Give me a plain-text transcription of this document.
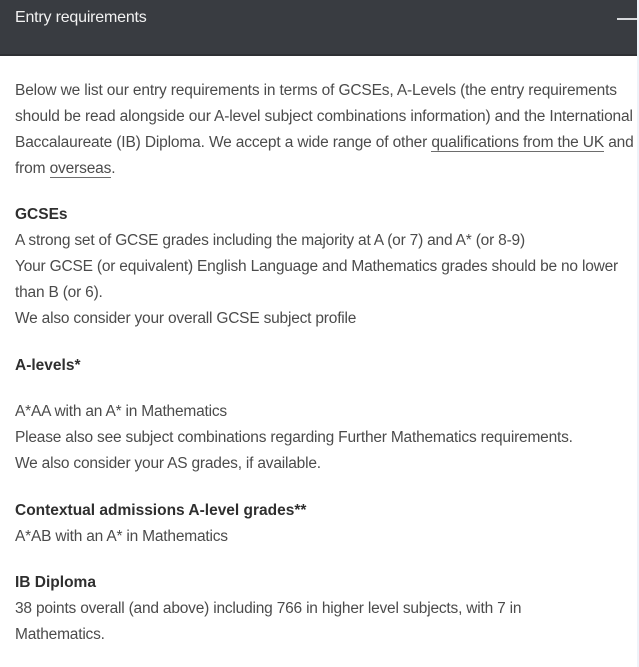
Entry requirements

Below we list our entry requirements in terms of GCSEs, A-Levels (the entry requirements should be read alongside our A-level subject combinations information) and the International Baccalaureate (IB) Diploma. We accept a wide range of other qualifications from the UK and from overseas.

GCSEs

A strong set of GCSE grades including the majority at A (or 7) and A* (or 8-9)

Your GCSE (or equivalent) English Language and Mathematics grades should be no lower than B (or 6).

We also consider your overall GCSE subject profile

A-levels*

A*AA with an A* in Mathematics

Please also see subject combinations regarding Further Mathematics requirements.

We also consider your AS grades, if available.

Contextual admissions A-level grades**

A*AB with an A* in Mathematics

IB Diploma

38 points overall (and above) including 766 in higher level subjects, with 7 in Mathematics.
